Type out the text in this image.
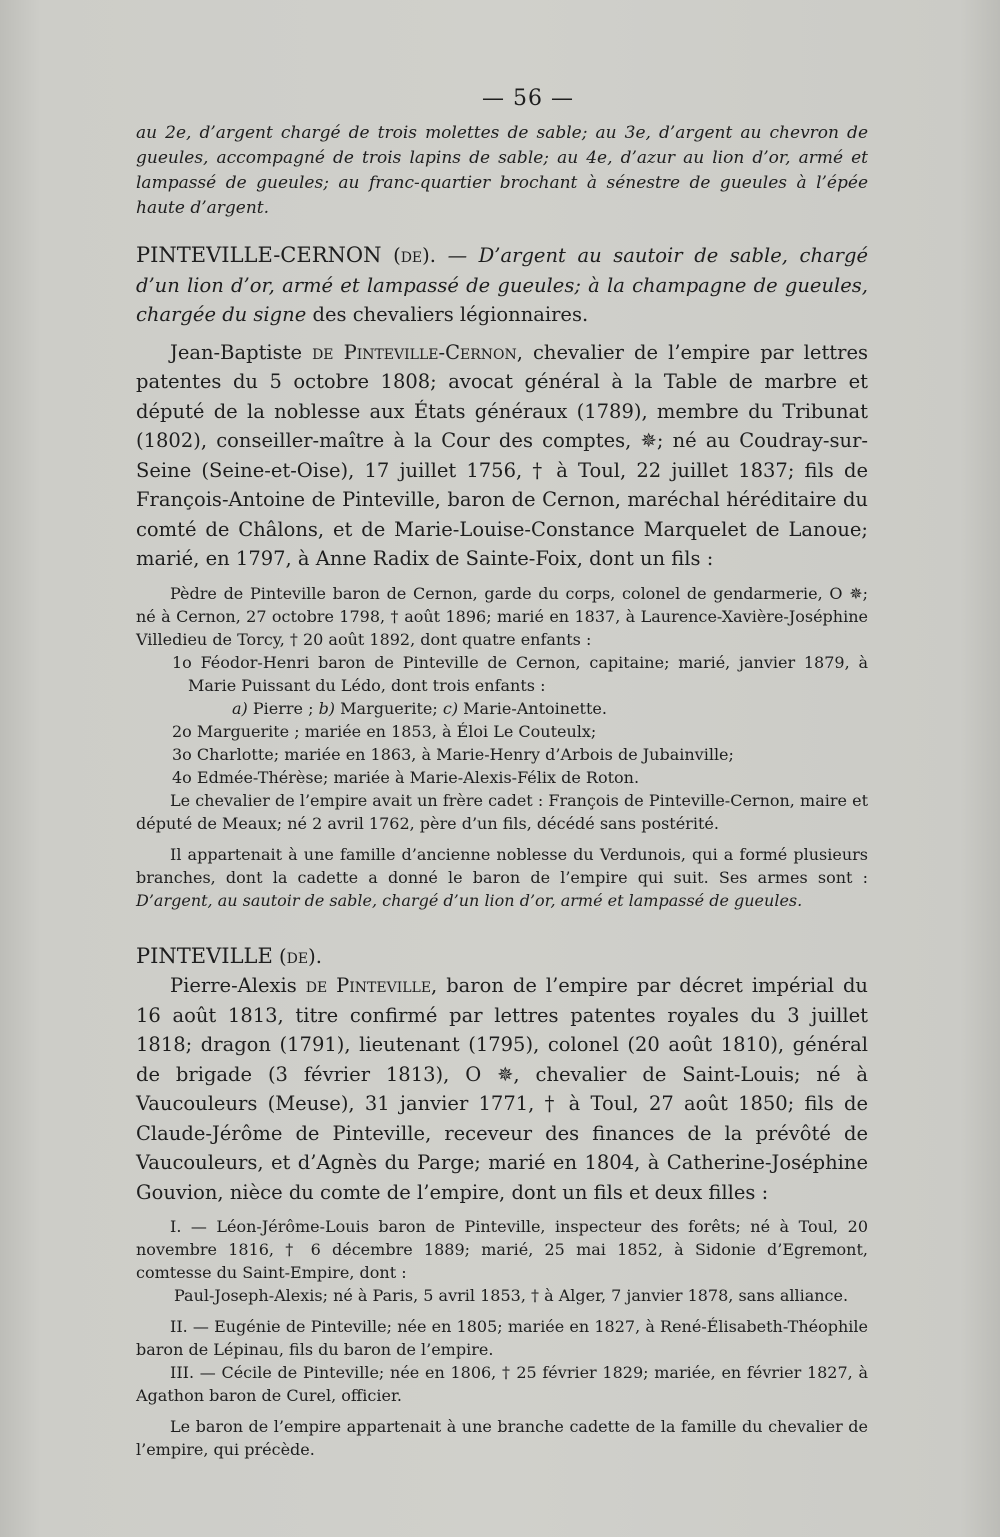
— 56 —

au 2e, d’argent chargé de trois molettes de sable; au 3e, d’argent au chevron de gueules, accompagné de trois lapins de sable; au 4e, d’azur au lion d’or, armé et lampassé de gueules; au franc-quartier brochant à sénestre de gueules à l’épée haute d’argent.

PINTEVILLE-CERNON (de). — D’argent au sautoir de sable, chargé d’un lion d’or, armé et lampassé de gueules; à la champagne de gueules, chargée du signe des chevaliers légionnaires.

Jean-Baptiste de Pinteville-Cernon, chevalier de l’empire par lettres patentes du 5 octobre 1808; avocat général à la Table de marbre et député de la noblesse aux États généraux (1789), membre du Tribunat (1802), conseiller-maître à la Cour des comptes, ✵; né au Coudray-sur-Seine (Seine-et-Oise), 17 juillet 1756, † à Toul, 22 juillet 1837; fils de François-Antoine de Pinteville, baron de Cernon, maréchal héréditaire du comté de Châlons, et de Marie-Louise-Constance Marquelet de Lanoue; marié, en 1797, à Anne Radix de Sainte-Foix, dont un fils :

Pèdre de Pinteville baron de Cernon, garde du corps, colonel de gendarmerie, O ✵; né à Cernon, 27 octobre 1798, † août 1896; marié en 1837, à Laurence-Xavière-Joséphine Villedieu de Torcy, † 20 août 1892, dont quatre enfants :

1o Féodor-Henri baron de Pinteville de Cernon, capitaine; marié, janvier 1879, à Marie Puissant du Lédo, dont trois enfants :

a) Pierre ; b) Marguerite; c) Marie-Antoinette.

2o Marguerite ; mariée en 1853, à Éloi Le Couteulx;

3o Charlotte; mariée en 1863, à Marie-Henry d’Arbois de Jubainville;

4o Edmée-Thérèse; mariée à Marie-Alexis-Félix de Roton.

Le chevalier de l’empire avait un frère cadet : François de Pinteville-Cernon, maire et député de Meaux; né 2 avril 1762, père d’un fils, décédé sans postérité.

Il appartenait à une famille d’ancienne noblesse du Verdunois, qui a formé plusieurs branches, dont la cadette a donné le baron de l’empire qui suit. Ses armes sont : D’argent, au sautoir de sable, chargé d’un lion d’or, armé et lampassé de gueules.

PINTEVILLE (de).

Pierre-Alexis de Pinteville, baron de l’empire par décret impérial du 16 août 1813, titre confirmé par lettres patentes royales du 3 juillet 1818; dragon (1791), lieutenant (1795), colonel (20 août 1810), général de brigade (3 février 1813), O ✵, chevalier de Saint-Louis; né à Vaucouleurs (Meuse), 31 janvier 1771, † à Toul, 27 août 1850; fils de Claude-Jérôme de Pinteville, receveur des finances de la prévôté de Vaucouleurs, et d’Agnès du Parge; marié en 1804, à Catherine-Joséphine Gouvion, nièce du comte de l’empire, dont un fils et deux filles :

I. — Léon-Jérôme-Louis baron de Pinteville, inspecteur des forêts; né à Toul, 20 novembre 1816, † 6 décembre 1889; marié, 25 mai 1852, à Sidonie d’Egremont, comtesse du Saint-Empire, dont :

Paul-Joseph-Alexis; né à Paris, 5 avril 1853, † à Alger, 7 janvier 1878, sans alliance.

II. — Eugénie de Pinteville; née en 1805; mariée en 1827, à René-Élisabeth-Théophile baron de Lépinau, fils du baron de l’empire.

III. — Cécile de Pinteville; née en 1806, † 25 février 1829; mariée, en février 1827, à Agathon baron de Curel, officier.

Le baron de l’empire appartenait à une branche cadette de la famille du chevalier de l’empire, qui précède.
